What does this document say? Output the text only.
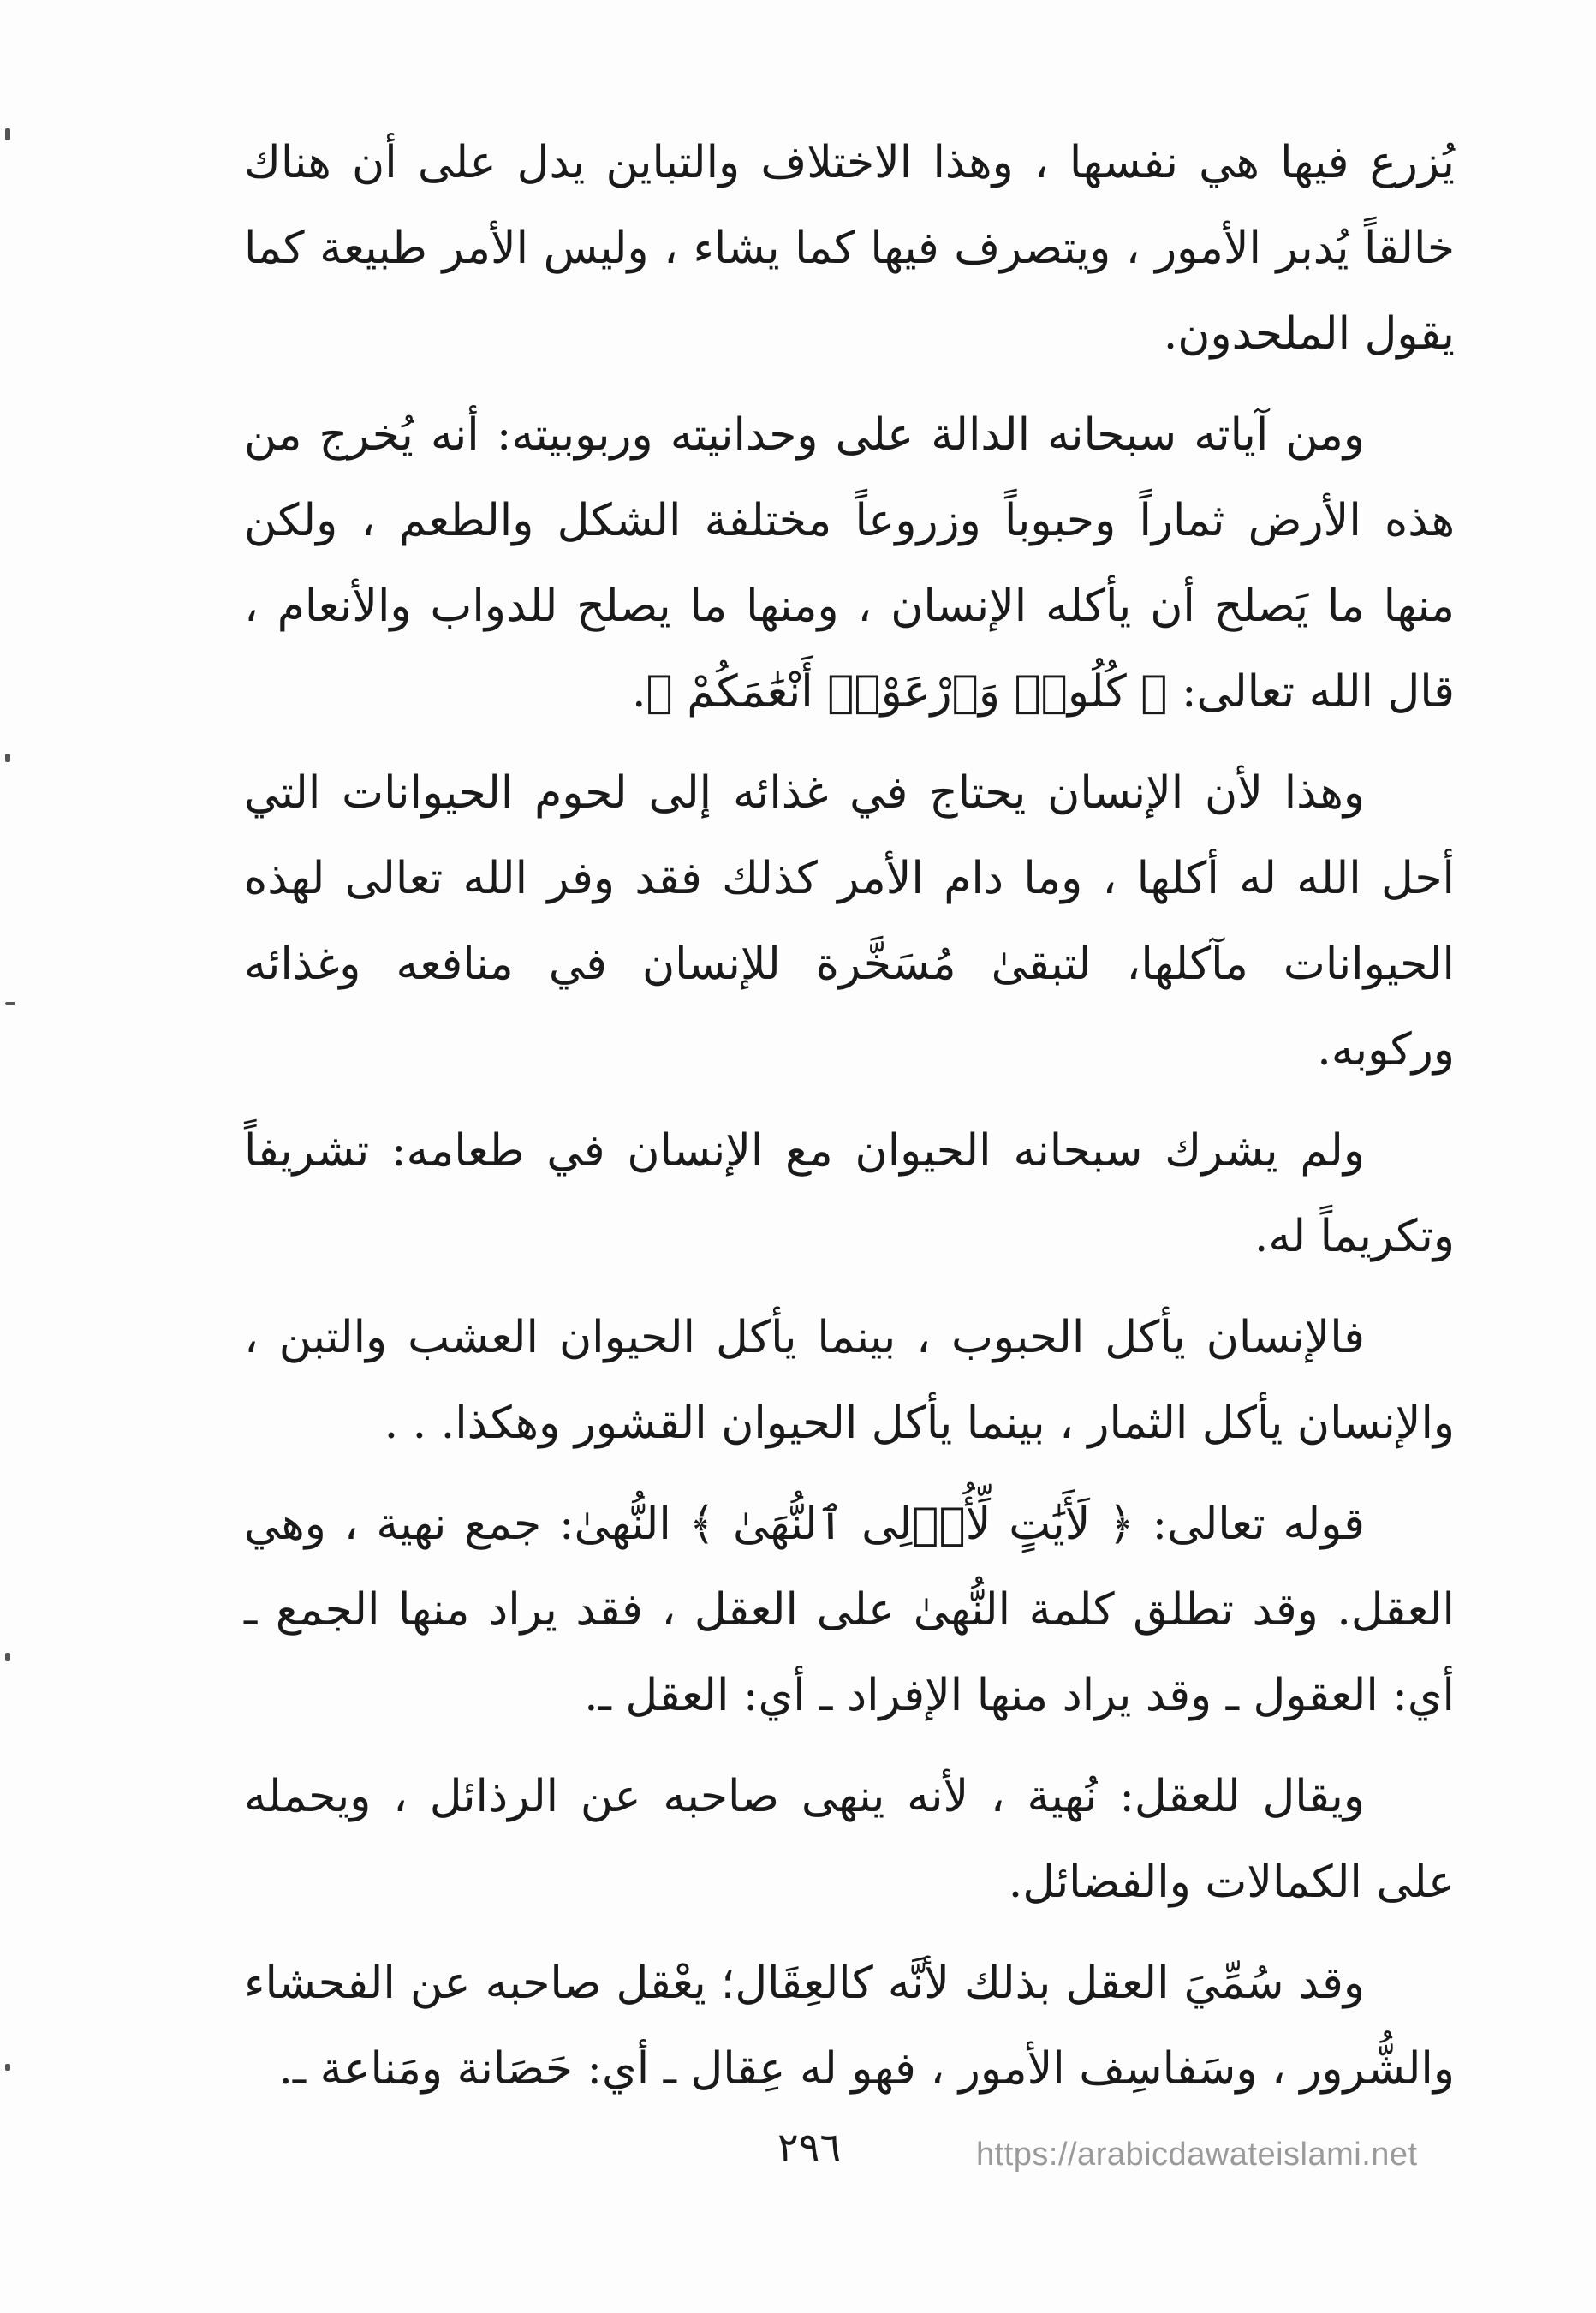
يُزرع فيها هي نفسها ، وهذا الاختلاف والتباين يدل على أن هناك خالقاً يُدبر الأمور ، ويتصرف فيها كما يشاء ، وليس الأمر طبيعة كما يقول الملحدون.

ومن آياته سبحانه الدالة على وحدانيته وربوبيته: أنه يُخرج من هذه الأرض ثماراً وحبوباً وزروعاً مختلفة الشكل والطعم ، ولكن منها ما يَصلح أن يأكله الإنسان ، ومنها ما يصلح للدواب والأنعام ، قال الله تعالى: ﴿ كُلُوا۟ وَٱرْعَوْا۟ أَنْعَٰمَكُمْ ﴾.

وهذا لأن الإنسان يحتاج في غذائه إلى لحوم الحيوانات التي أحل الله له أكلها ، وما دام الأمر كذلك فقد وفر الله تعالى لهذه الحيوانات مآكلها، لتبقىٰ مُسَخَّرة للإنسان في منافعه وغذائه وركوبه.

ولم يشرك سبحانه الحيوان مع الإنسان في طعامه: تشريفاً وتكريماً له.

فالإنسان يأكل الحبوب ، بينما يأكل الحيوان العشب والتبن ، والإنسان يأكل الثمار ، بينما يأكل الحيوان القشور وهكذا. . .

قوله تعالى: ﴿ لَأَيَٰتٍ لِّأُو۟لِى ٱلنُّهَىٰ ﴾ النُّهىٰ: جمع نهية ، وهي العقل. وقد تطلق كلمة النُّهىٰ على العقل ، فقد يراد منها الجمع ـ أي: العقول ـ وقد يراد منها الإفراد ـ أي: العقل ـ.

ويقال للعقل: نُهية ، لأنه ينهى صاحبه عن الرذائل ، ويحمله على الكمالات والفضائل.

وقد سُمِّيَ العقل بذلك لأنَّه كالعِقَال؛ يعْقل صاحبه عن الفحشاء والشُّرور ، وسَفاسِف الأمور ، فهو له عِقال ـ أي: حَصَانة ومَناعة ـ.

٢٩٦	https://arabicdawateislami.net
